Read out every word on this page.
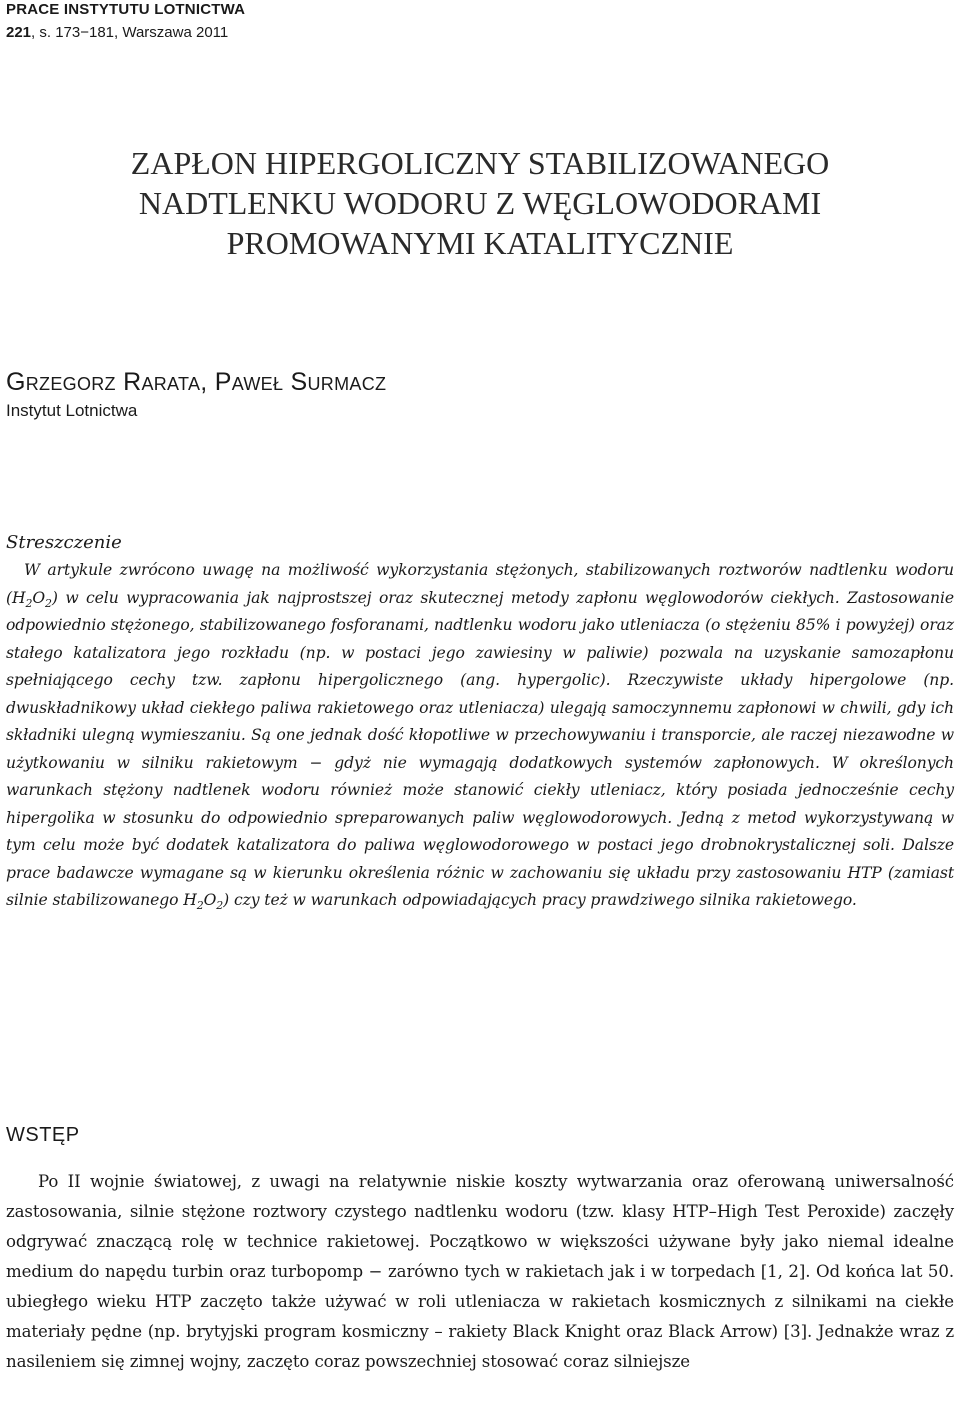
PRACE INSTYTUTU LOTNICTWA
221, s. 173−181, Warszawa 2011
ZAPŁON HIPERGOLICZNY STABILIZOWANEGO
NADTLENKU WODORU Z WĘGLOWODORAMI
PROMOWANYMI KATALITYCZNIE
Grzegorz Rarata, Paweł Surmacz
Instytut Lotnictwa
Streszczenie
W artykule zwrócono uwagę na możliwość wykorzystania stężonych, stabilizowanych roztworów nadtlenku wodoru $(H_2O_2)$ w celu wypracowania jak najprostszej oraz skutecznej metody zapłonu węglowodorów ciekłych. Zastosowanie odpowiednio stężonego, stabilizowanego fosforanami, nadtlenku wodoru jako utleniacza (o stężeniu 85% i powyżej) oraz stałego katalizatora jego rozkładu (np. w postaci jego zawiesiny w paliwie) pozwala na uzyskanie samozapłonu spełniającego cechy tzw. zapłonu hipergolicznego (ang. hypergolic). Rzeczywiste układy hipergolowe (np. dwuskładnikowy układ ciekłego paliwa rakietowego oraz utleniacza) ulegają samoczynnemu zapłonowi w chwili, gdy ich składniki ulegną wymieszaniu. Są one jednak dość kłopotliwe w przechowywaniu i transporcie, ale raczej niezawodne w użytkowaniu w silniku rakietowym − gdyż nie wymagają dodatkowych systemów zapłonowych. W określonych warunkach stężony nadtlenek wodoru również może stanowić ciekły utleniacz, który posiada jednocześnie cechy hipergolika w stosunku do odpowiednio spreparowanych paliw węglowodorowych. Jedną z metod wykorzystywaną w tym celu może być dodatek katalizatora do paliwa węglowodorowego w postaci jego drobnokrystalicznej soli. Dalsze prace badawcze wymagane są w kierunku określenia różnic w zachowaniu się układu przy zastosowaniu HTP (zamiast silnie stabilizowanego $H_2O_2$) czy też w warunkach odpowiadających pracy prawdziwego silnika rakietowego.
WSTĘP
Po II wojnie światowej, z uwagi na relatywnie niskie koszty wytwarzania oraz oferowaną uniwersalność zastosowania, silnie stężone roztwory czystego nadtlenku wodoru (tzw. klasy HTP–High Test Peroxide) zaczęły odgrywać znaczącą rolę w technice rakietowej. Początkowo w większości używane były jako niemal idealne medium do napędu turbin oraz turbopomp − zarówno tych w rakietach jak i w torpedach [1, 2]. Od końca lat 50. ubiegłego wieku HTP zaczęto także używać w roli utleniacza w rakietach kosmicznych z silnikami na ciekłe materiały pędne (np. brytyjski program kosmiczny – rakiety Black Knight oraz Black Arrow) [3]. Jednakże wraz z nasileniem się zimnej wojny, zaczęto coraz powszechniej stosować coraz silniejsze
